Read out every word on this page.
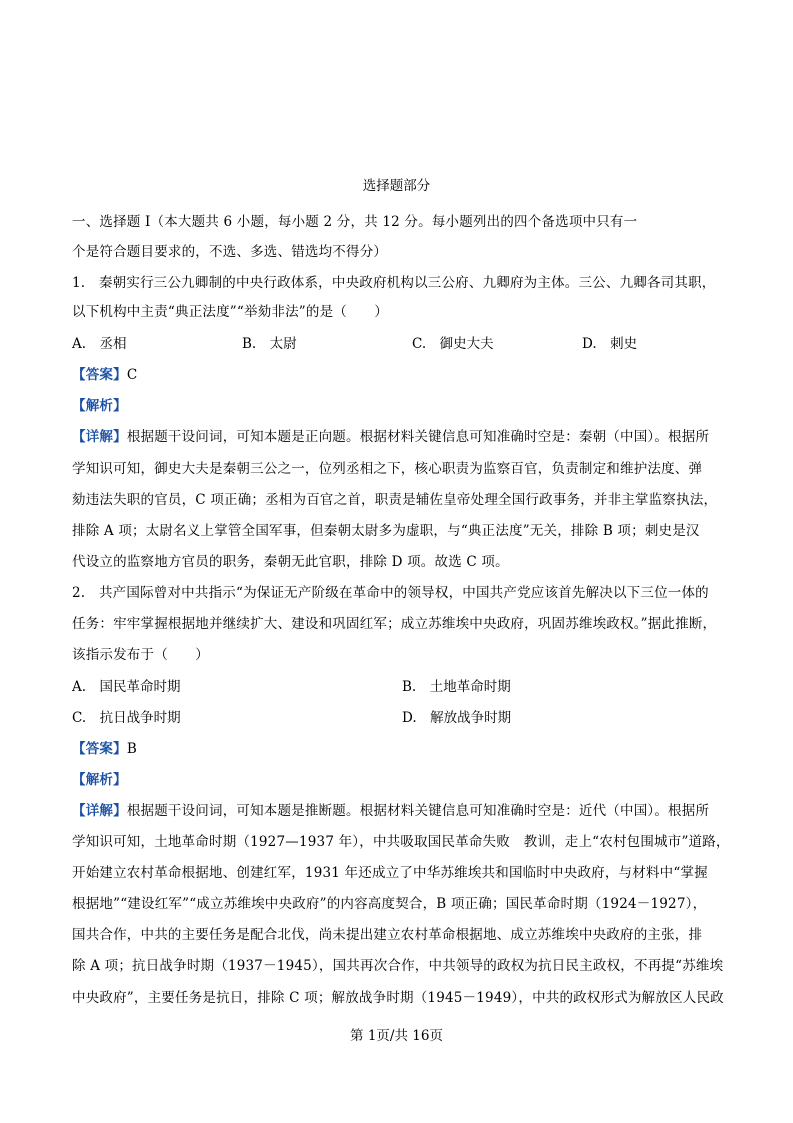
选择题部分
一、选择题 I（本大题共 6 小题，每小题 2 分，共 12 分。每小题列出的四个备选项中只有一
个是符合题目要求的，不选、多选、错选均不得分）
1.　秦朝实行三公九卿制的中央行政体系，中央政府机构以三公府、九卿府为主体。三公、九卿各司其职，
以下机构中主责“典正法度”“举劾非法”的是（　　）
A.　丞相	B.　太尉	C.　御史大夫	D.　刺史
【答案】C
【解析】
【详解】根据题干设问词，可知本题是正向题。根据材料关键信息可知准确时空是：秦朝（中国）。根据所
学知识可知，御史大夫是秦朝三公之一，位列丞相之下，核心职责为监察百官，负责制定和维护法度、弹
劾违法失职的官员，C 项正确；丞相为百官之首，职责是辅佐皇帝处理全国行政事务，并非主掌监察执法，
排除 A 项；太尉名义上掌管全国军事，但秦朝太尉多为虚职，与“典正法度”无关，排除 B 项；刺史是汉
代设立的监察地方官员的职务，秦朝无此官职，排除 D 项。故选 C 项。
2.　共产国际曾对中共指示“为保证无产阶级在革命中的领导权，中国共产党应该首先解决以下三位一体的
任务：牢牢掌握根据地并继续扩大、建设和巩固红军；成立苏维埃中央政府，巩固苏维埃政权。”据此推断，
该指示发布于（　　）
A.　国民革命时期	B.　土地革命时期
C.　抗日战争时期	D.　解放战争时期
【答案】B
【解析】
【详解】根据题干设问词，可知本题是推断题。根据材料关键信息可知准确时空是：近代（中国）。根据所
学知识可知，土地革命时期（1927—1937 年），中共吸取国民革命失败　教训，走上“农村包围城市”道路，
开始建立农村革命根据地、创建红军，1931 年还成立了中华苏维埃共和国临时中央政府，与材料中“掌握
根据地”“建设红军”“成立苏维埃中央政府”的内容高度契合，B 项正确；国民革命时期（1924－1927），
国共合作，中共的主要任务是配合北伐，尚未提出建立农村革命根据地、成立苏维埃中央政府的主张，排
除 A 项；抗日战争时期（1937－1945），国共再次合作，中共领导的政权为抗日民主政权，不再提“苏维埃
中央政府”，主要任务是抗日，排除 C 项；解放战争时期（1945－1949），中共的政权形式为解放区人民政
第 1页/共 16页
